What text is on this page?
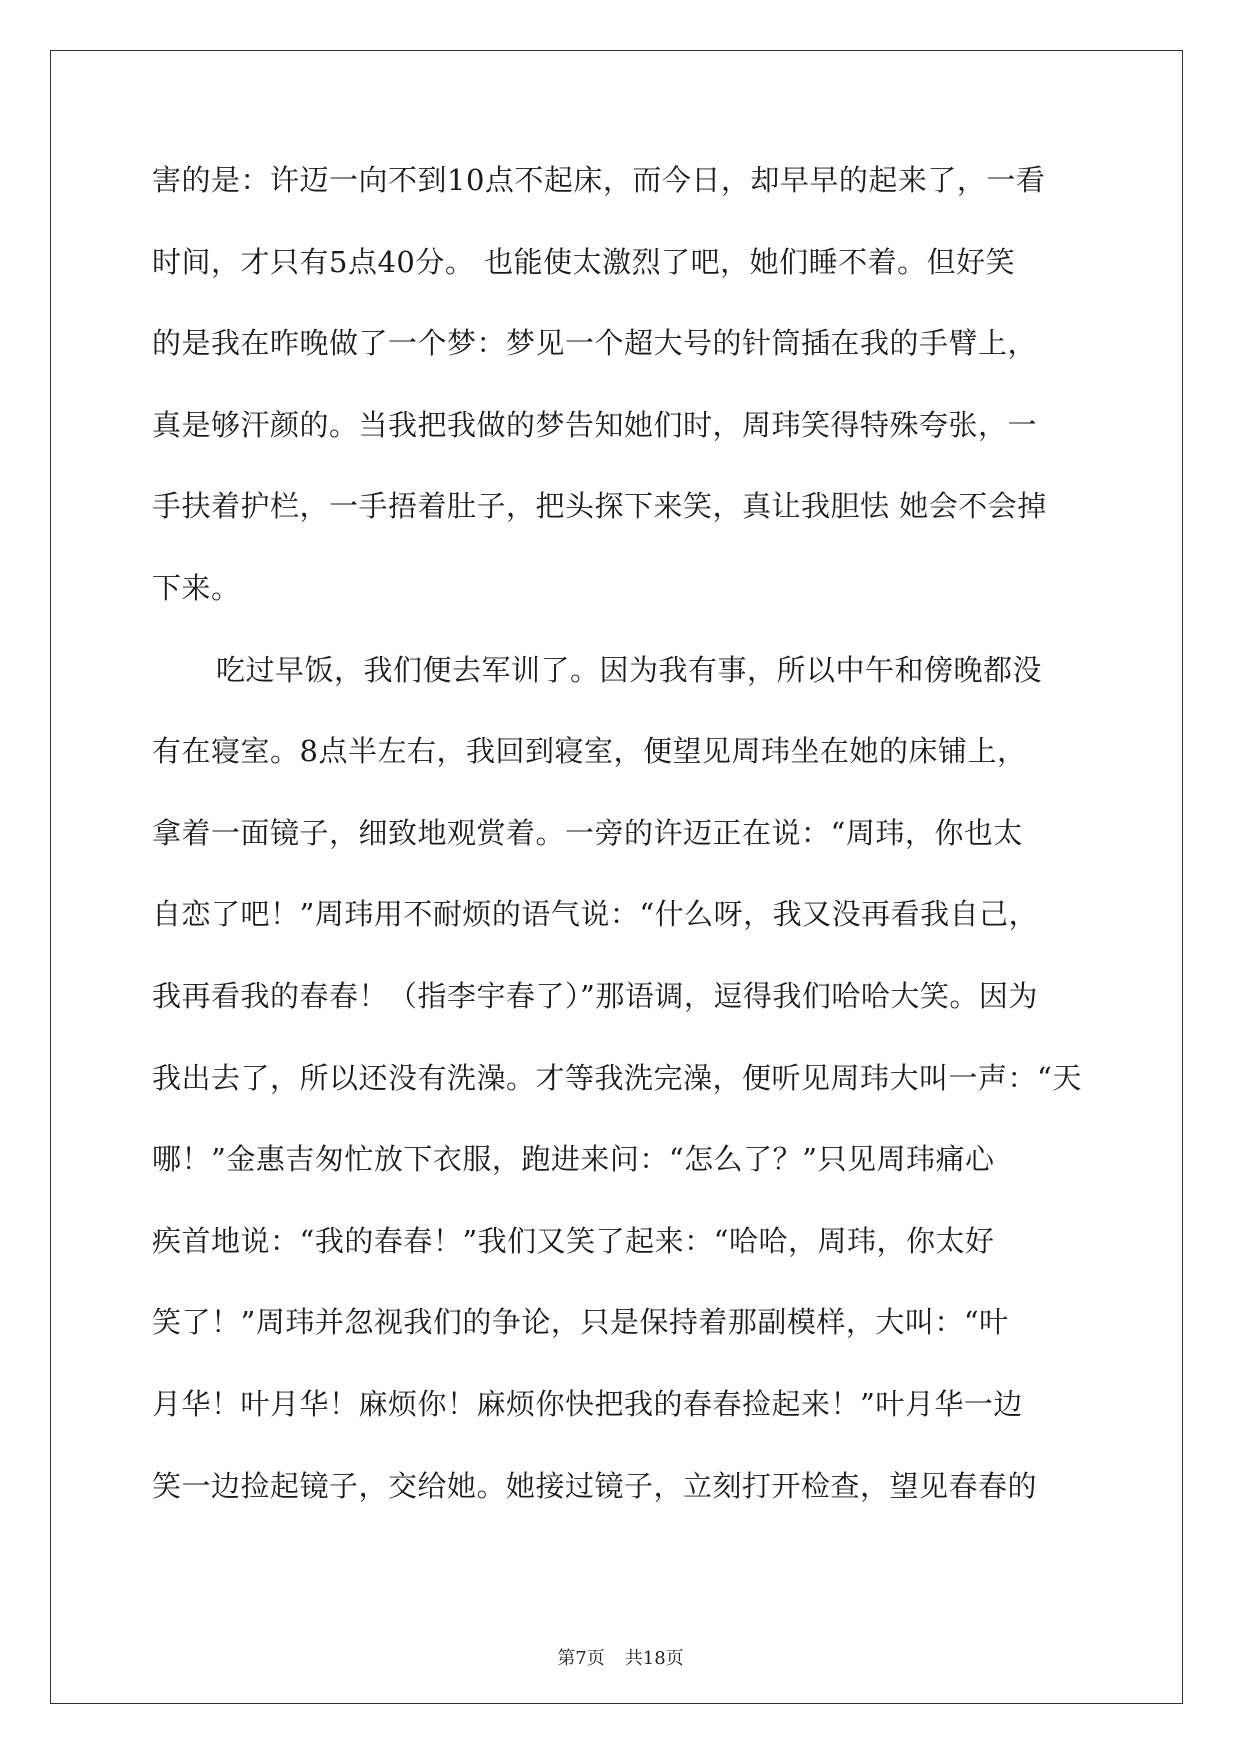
害的是：许迈一向不到10点不起床，而今日，却早早的起来了，一看
时间，才只有5点40分。 也能使太激烈了吧，她们睡不着。但好笑
的是我在昨晚做了一个梦：梦见一个超大号的针筒插在我的手臂上，
真是够汗颜的。当我把我做的梦告知她们时，周玮笑得特殊夸张，一
手扶着护栏，一手捂着肚子，把头探下来笑，真让我胆怯 她会不会掉
下来。
吃过早饭，我们便去军训了。因为我有事，所以中午和傍晚都没
有在寝室。8点半左右，我回到寝室，便望见周玮坐在她的床铺上，
拿着一面镜子，细致地观赏着。一旁的许迈正在说：“周玮，你也太
自恋了吧！”周玮用不耐烦的语气说：“什么呀，我又没再看我自己，
我再看我的春春！（指李宇春了）”那语调，逗得我们哈哈大笑。因为
我出去了，所以还没有洗澡。才等我洗完澡，便听见周玮大叫一声：“天
哪！”金惠吉匆忙放下衣服，跑进来问：“怎么了？”只见周玮痛心
疾首地说：“我的春春！”我们又笑了起来：“哈哈，周玮，你太好
笑了！”周玮并忽视我们的争论，只是保持着那副模样，大叫：“叶
月华！叶月华！麻烦你！麻烦你快把我的春春捡起来！”叶月华一边
笑一边捡起镜子，交给她。她接过镜子，立刻打开检查，望见春春的
第7页 共18页
